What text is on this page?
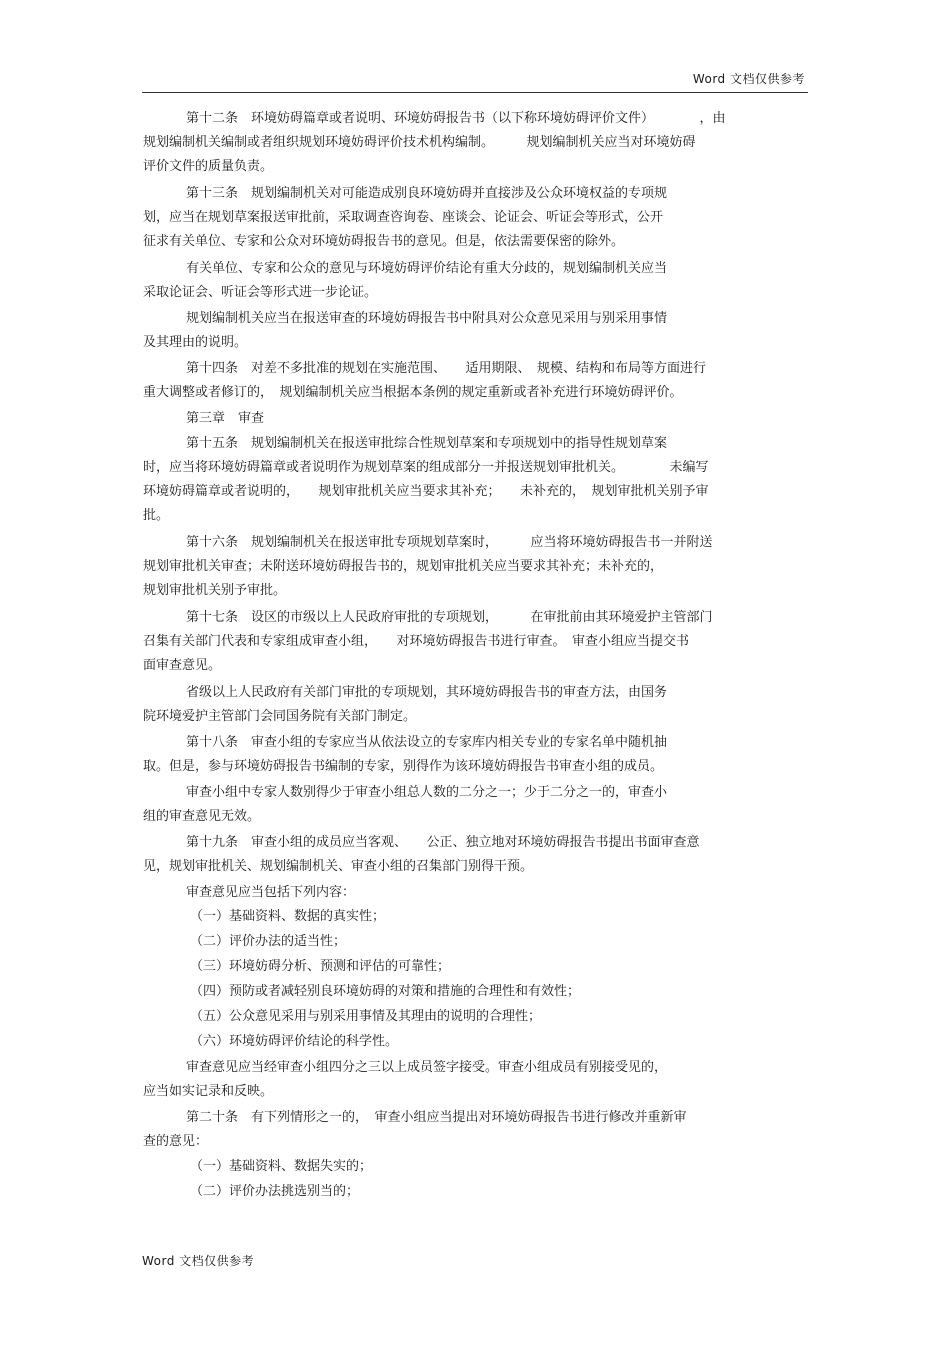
Word 文档仅供参考
第十二条　环境妨碍篇章或者说明、环境妨碍报告书（以下称环境妨碍评价文件）　　　　，由
规划编制机关编制或者组织规划环境妨碍评价技术机构编制。　　　规划编制机关应当对环境妨碍
评价文件的质量负责。
第十三条　规划编制机关对可能造成别良环境妨碍并直接涉及公众环境权益的专项规
划，应当在规划草案报送审批前，采取调查咨询卷、座谈会、论证会、听证会等形式，公开
征求有关单位、专家和公众对环境妨碍报告书的意见。但是，依法需要保密的除外。
有关单位、专家和公众的意见与环境妨碍评价结论有重大分歧的，规划编制机关应当
采取论证会、听证会等形式进一步论证。
规划编制机关应当在报送审查的环境妨碍报告书中附具对公众意见采用与别采用事情
及其理由的说明。
第十四条　对差不多批准的规划在实施范围、　　适用期限、　规模、结构和布局等方面进行
重大调整或者修订的，　规划编制机关应当根据本条例的规定重新或者补充进行环境妨碍评价。
第三章　审查
第十五条　规划编制机关在报送审批综合性规划草案和专项规划中的指导性规划草案
时，应当将环境妨碍篇章或者说明作为规划草案的组成部分一并报送规划审批机关。　　　　未编写
环境妨碍篇章或者说明的，　　规划审批机关应当要求其补充；　　未补充的，　规划审批机关别予审
批。
第十六条　规划编制机关在报送审批专项规划草案时，　　　应当将环境妨碍报告书一并附送
规划审批机关审查；未附送环境妨碍报告书的，规划审批机关应当要求其补充；未补充的，
规划审批机关别予审批。
第十七条　设区的市级以上人民政府审批的专项规划，　　　在审批前由其环境爱护主管部门
召集有关部门代表和专家组成审查小组，　　对环境妨碍报告书进行审查。　审查小组应当提交书
面审查意见。
省级以上人民政府有关部门审批的专项规划，其环境妨碍报告书的审查方法，由国务
院环境爱护主管部门会同国务院有关部门制定。
第十八条　审查小组的专家应当从依法设立的专家库内相关专业的专家名单中随机抽
取。但是，参与环境妨碍报告书编制的专家，别得作为该环境妨碍报告书审查小组的成员。
审查小组中专家人数别得少于审查小组总人数的二分之一；少于二分之一的，审查小
组的审查意见无效。
第十九条　审查小组的成员应当客观、　　公正、独立地对环境妨碍报告书提出书面审查意
见，规划审批机关、规划编制机关、审查小组的召集部门别得干预。
审查意见应当包括下列内容：
（一）基础资料、数据的真实性；
（二）评价办法的适当性；
（三）环境妨碍分析、预测和评估的可靠性；
（四）预防或者减轻别良环境妨碍的对策和措施的合理性和有效性；
（五）公众意见采用与别采用事情及其理由的说明的合理性；
（六）环境妨碍评价结论的科学性。
审查意见应当经审查小组四分之三以上成员签字接受。审查小组成员有别接受见的，
应当如实记录和反映。
第二十条　有下列情形之一的，　审查小组应当提出对环境妨碍报告书进行修改并重新审
查的意见：
（一）基础资料、数据失实的；
（二）评价办法挑选别当的；
Word 文档仅供参考
